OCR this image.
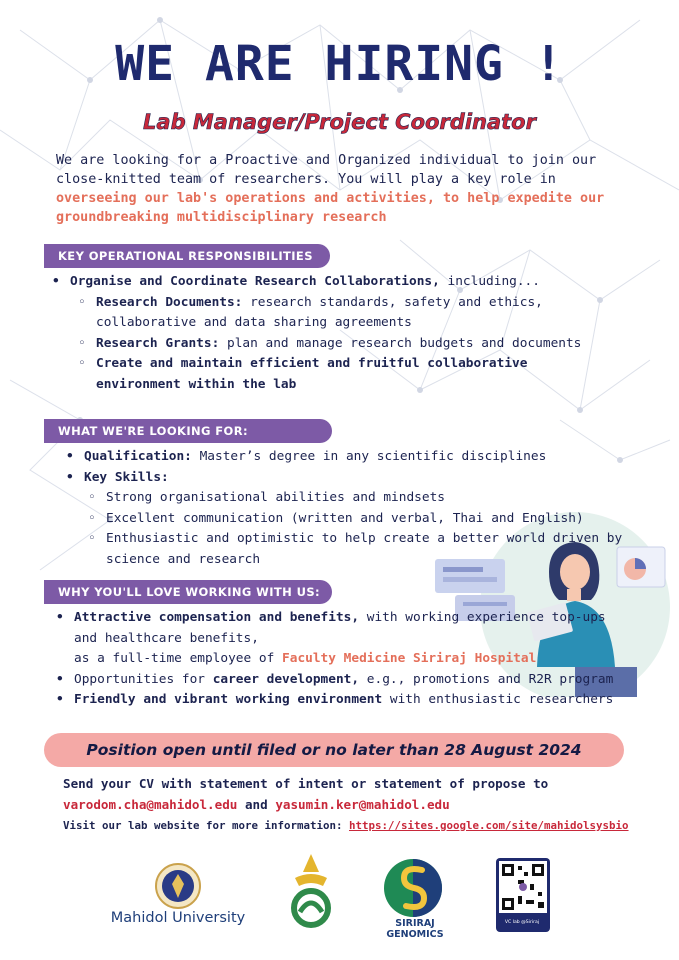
WE ARE HIRING !
Lab Manager/Project Coordinator
We are looking for a Proactive and Organized individual to join our close-knitted team of researchers. You will play a key role in overseeing our lab's operations and activities, to help expedite our groundbreaking multidisciplinary research
KEY OPERATIONAL RESPONSIBILITIES
• Organise and Coordinate Research Collaborations, including...
◦ Research Documents: research standards, safety and ethics, collaborative and data sharing agreements
◦ Research Grants: plan and manage research budgets and documents
◦ Create and maintain efficient and fruitful collaborative environment within the lab
WHAT WE'RE LOOKING FOR:
• Qualification: Master’s degree in any scientific disciplines
• Key Skills:
◦ Strong organisational abilities and mindsets
◦ Excellent communication (written and verbal, Thai and English)
◦ Enthusiastic and optimistic to help create a better world driven by science and research
WHY YOU'LL LOVE WORKING WITH US:
• Attractive compensation and benefits, with working experience top-ups and healthcare benefits,
as a full-time employee of Faculty Medicine Siriraj Hospital
• Opportunities for career development, e.g., promotions and R2R program
• Friendly and vibrant working environment with enthusiastic researchers
Position open until filed or no later than 28 August 2024
Send your CV with statement of intent or statement of propose to
varodom.cha@mahidol.edu and yasumin.ker@mahidol.edu
Visit our lab website for more information: https://sites.google.com/site/mahidolsysbio
Mahidol University	SIRIRAJ GENOMICS
VC lab @Siriraj
